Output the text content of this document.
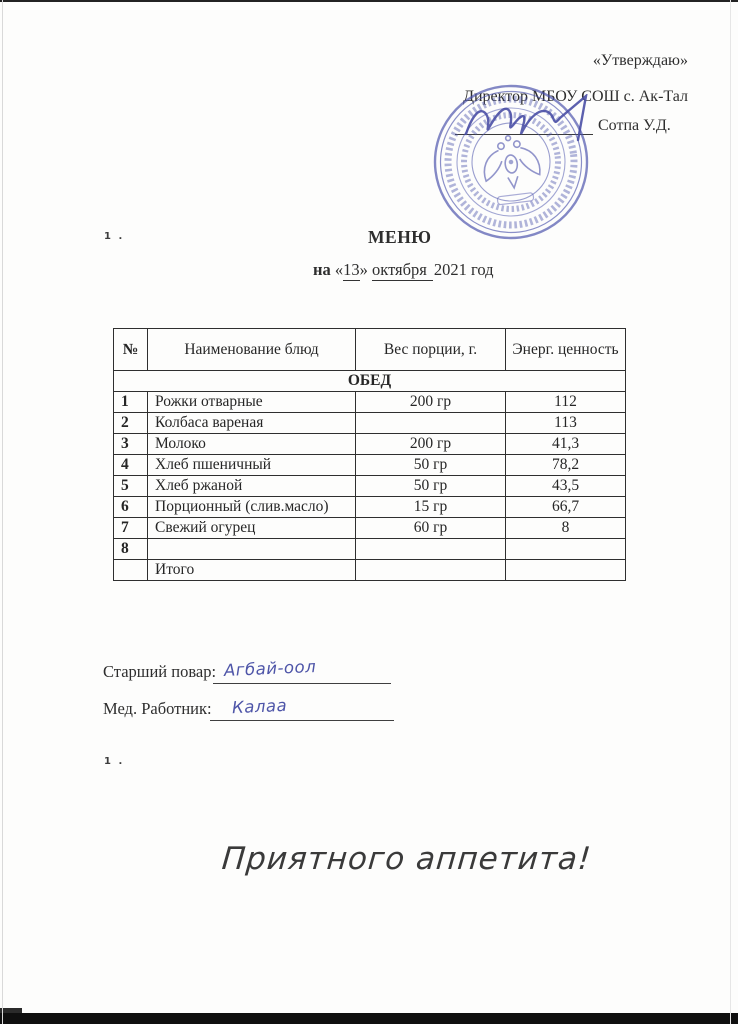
«Утверждаю»
Директор МБОУ СОШ с. Ак-Тал
Сотпа У.Д.
1 .
1 .
МЕНЮ
на «13» октября 2021 год
№	Наименование блюд	Вес порции, г.	Энерг. ценность
ОБЕД			
1	Рожки отварные	200 гр	112
2	Колбаса вареная		113
3	Молоко	200 гр	41,3
4	Хлеб пшеничный	50 гр	78,2
5	Хлеб ржаной	50 гр	43,5
6	Порционный (слив.масло)	15 гр	66,7
7	Свежий огурец	60 гр	8
8			
	Итого		
Старший повар: Агбай-оол
Мед. Работник: Калаа
Приятного аппетита!
